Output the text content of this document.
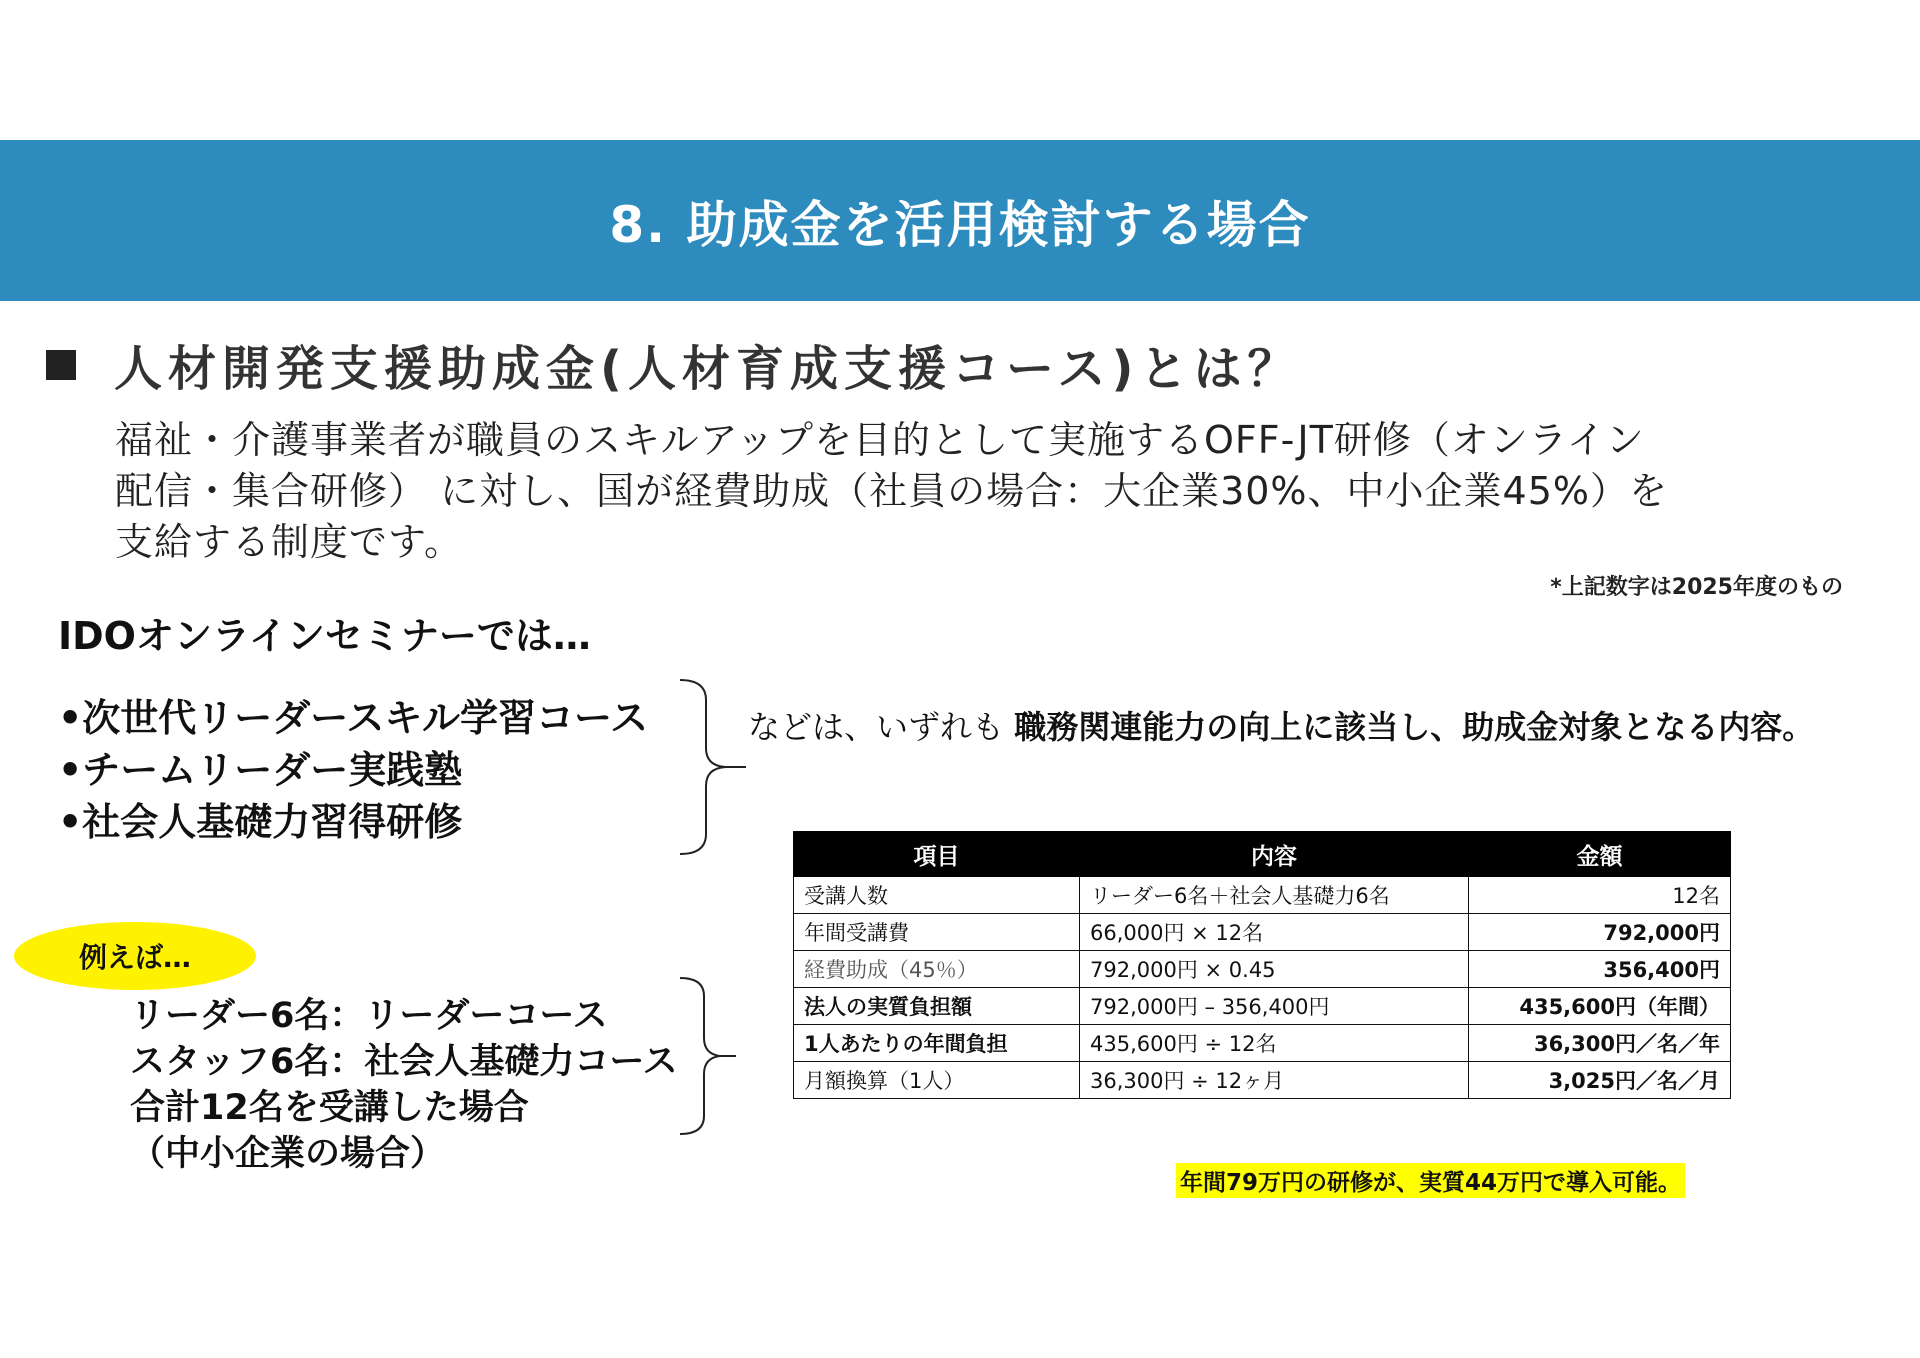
8. 助成金を活用検討する場合
人材開発支援助成金(人材育成支援コース)とは？
福祉・介護事業者が職員のスキルアップを目的として実施するOFF-JT研修（オンライン
配信・集合研修） に対し、国が経費助成（社員の場合：大企業30%、中小企業45%）を
支給する制度です。
*上記数字は2025年度のもの
IDOオンラインセミナーでは…
•次世代リーダースキル学習コース
•チームリーダー実践塾
•社会人基礎力習得研修
などは、いずれも 職務関連能力の向上に該当し、助成金対象となる内容。
例えば…
リーダー6名：リーダーコース
スタッフ6名：社会人基礎力コース
合計12名を受講した場合
（中小企業の場合）
項目	内容	金額
受講人数	リーダー6名＋社会人基礎力6名	12名
年間受講費	66,000円 × 12名	792,000円
経費助成（45％）	792,000円 × 0.45	356,400円
法人の実質負担額	792,000円 – 356,400円	435,600円（年間）
1人あたりの年間負担	435,600円 ÷ 12名	36,300円／名／年
月額換算（1人）	36,300円 ÷ 12ヶ月	3,025円／名／月
年間79万円の研修が、実質44万円で導入可能。
